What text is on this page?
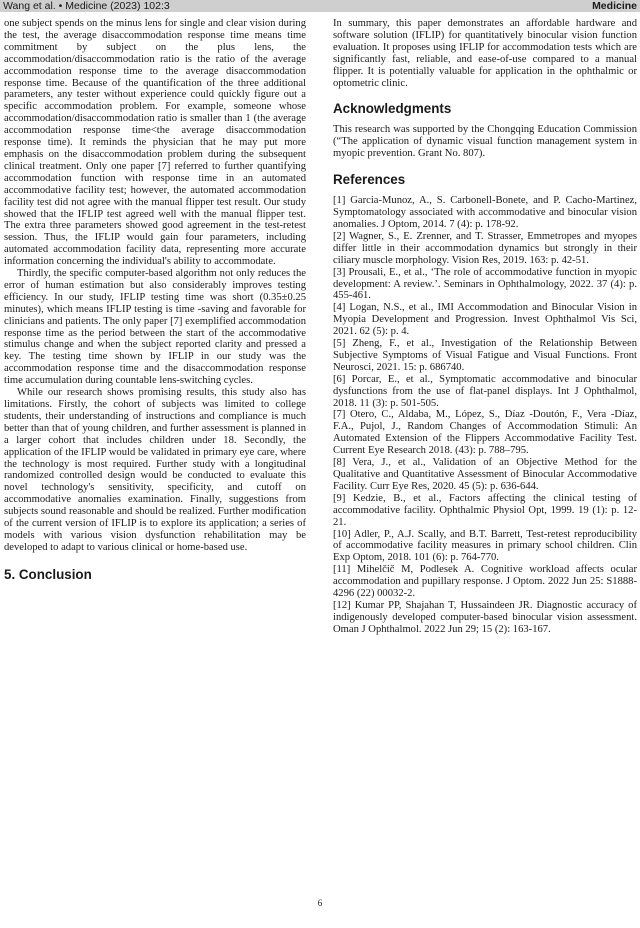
Wang et al. • Medicine (2023) 102:3	Medicine

one subject spends on the minus lens for single and clear vision during the test, the average disaccommodation response time means time commitment by subject on the plus lens, the accommodation/disaccommodation ratio is the ratio of the average accommodation response time to the average disaccommodation response time. Because of the quantification of the three additional parameters, any tester without experience could quickly figure out a specific accommodation problem. For example, someone whose accommodation/disaccommodation ratio is smaller than 1 (the average accommodation response time<the average disaccommodation response time). It reminds the physician that he may put more emphasis on the disaccommodation problem during the subsequent clinical treatment. Only one paper [7] referred to further quantifying accommodation function with response time in an automated accommodative facility test; however, the automated accommodation facility test did not agree with the manual flipper test result. Our study showed that the IFLIP test agreed well with the manual flipper test. The extra three parameters showed good agreement in the test-retest session. Thus, the IFLIP would gain four parameters, including automated accommodation facility data, representing more accurate information concerning the individual's ability to accommodate.

Thirdly, the specific computer-based algorithm not only reduces the error of human estimation but also considerably improves testing efficiency. In our study, IFLIP testing time was short (0.35±0.25 minutes), which means IFLIP testing is time -saving and favorable for clinicians and patients. The only paper [7] exemplified accommodation response time as the period between the start of the accommodative stimulus change and when the subject reported clarity and pressed a key. The testing time shown by IFLIP in our study was the accommodation response time and the disaccommodation response time accumulation during countable lens-switching cycles.

While our research shows promising results, this study also has limitations. Firstly, the cohort of subjects was limited to college students, their understanding of instructions and compliance is much better than that of young children, and further assessment is planned in a larger cohort that includes children under 18. Secondly, the application of the IFLIP would be validated in primary eye care, where the technology is most required. Further study with a longitudinal randomized controlled design would be conducted to evaluate this novel technology's sensitivity, specificity, and cutoff on accommodative anomalies examination. Finally, suggestions from subjects sound reasonable and should be realized. Further modification of the current version of IFLIP is to explore its application; a series of models with various vision dysfunction rehabilitation may be developed to adapt to various clinical or home-based use.

5. Conclusion

In summary, this paper demonstrates an affordable hardware and software solution (IFLIP) for quantitatively binocular vision function evaluation. It proposes using IFLIP for accommodation tests which are significantly fast, reliable, and ease-of-use compared to a manual flipper. It is potentially valuable for application in the ophthalmic or optometric clinic.

Acknowledgments

This research was supported by the Chongqing Education Commission (“The application of dynamic visual function management system in myopic prevention. Grant No. 807).

References

[1] Garcia-Munoz, A., S. Carbonell-Bonete, and P. Cacho-Martinez, Symptomatology associated with accommodative and binocular vision anomalies. J Optom, 2014. 7 (4): p. 178-92.

[2] Wagner, S., E. Zrenner, and T. Strasser, Emmetropes and myopes differ little in their accommodation dynamics but strongly in their ciliary muscle morphology. Vision Res, 2019. 163: p. 42-51.

[3] Prousali, E., et al., ‘The role of accommodative function in myopic development: A review.’. Seminars in Ophthalmology, 2022. 37 (4): p. 455-461.

[4] Logan, N.S., et al., IMI Accommodation and Binocular Vision in Myopia Development and Progression. Invest Ophthalmol Vis Sci, 2021. 62 (5): p. 4.

[5] Zheng, F., et al., Investigation of the Relationship Between Subjective Symptoms of Visual Fatigue and Visual Functions. Front Neurosci, 2021. 15: p. 686740.

[6] Porcar, E., et al., Symptomatic accommodative and binocular dysfunctions from the use of flat-panel displays. Int J Ophthalmol, 2018. 11 (3): p. 501-505.

[7] Otero, C., Aldaba, M., López, S., Díaz -Doutón, F., Vera -Díaz, F.A., Pujol, J., Random Changes of Accommodation Stimuli: An Automated Extension of the Flippers Accommodative Facility Test. Current Eye Research 2018. (43): p. 788–795.

[8] Vera, J., et al., Validation of an Objective Method for the Qualitative and Quantitative Assessment of Binocular Accommodative Facility. Curr Eye Res, 2020. 45 (5): p. 636-644.

[9] Kedzie, B., et al., Factors affecting the clinical testing of accommodative facility. Ophthalmic Physiol Opt, 1999. 19 (1): p. 12-21.

[10] Adler, P., A.J. Scally, and B.T. Barrett, Test-retest reproducibility of accommodative facility measures in primary school children. Clin Exp Optom, 2018. 101 (6): p. 764-770.

[11] Mihelčič M, Podlesek A. Cognitive workload affects ocular accommodation and pupillary response. J Optom. 2022 Jun 25: S1888-4296 (22) 00032-2.

[12] Kumar PP, Shajahan T, Hussaindeen JR. Diagnostic accuracy of indigenously developed computer-based binocular vision assessment. Oman J Ophthalmol. 2022 Jun 29; 15 (2): 163-167.

6
